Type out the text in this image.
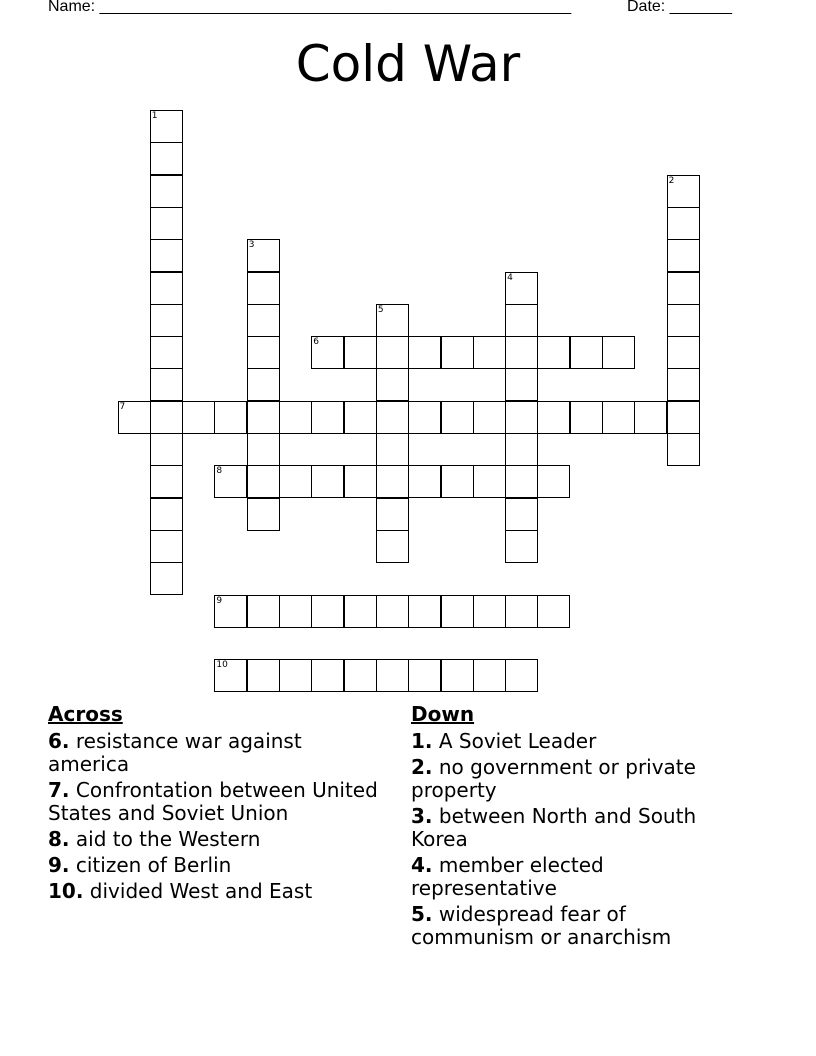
Name: _____________________________________________________	Date: _______
Cold War
1
2
3
4
5
6
7
8
9
10
Across
6. resistance war against america
7. Confrontation between United States and Soviet Union
8. aid to the Western
9. citizen of Berlin
10. divided West and East
Down
1. A Soviet Leader
2. no government or private property
3. between North and South Korea
4. member elected representative
5. widespread fear of communism or anarchism
